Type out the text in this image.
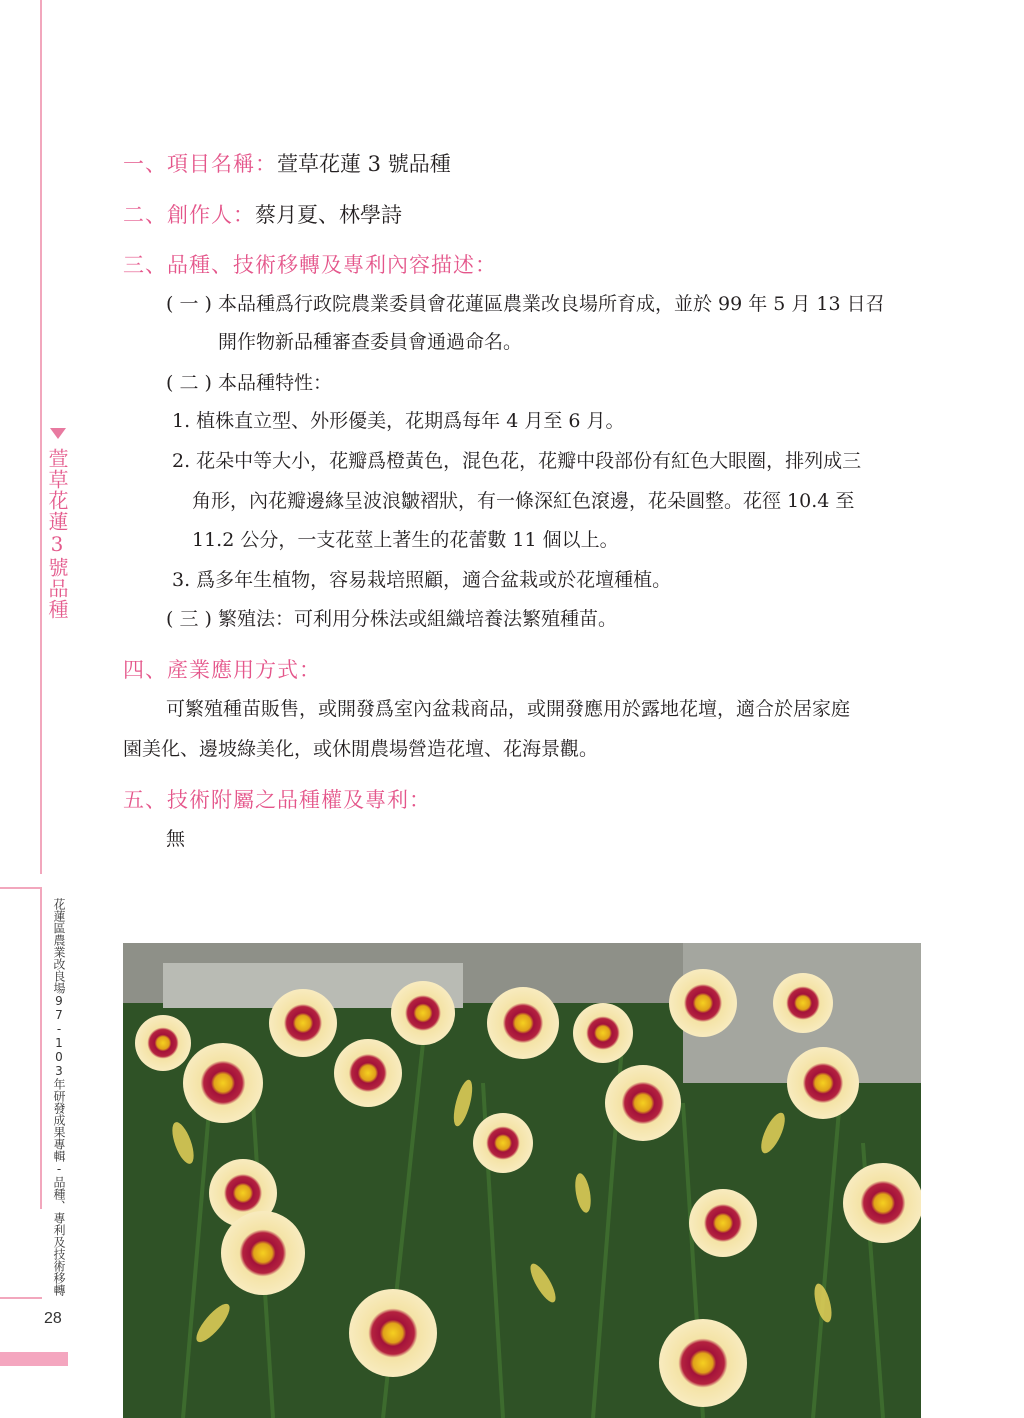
萱草花蓮3號品種
花蓮區農業改良場97-103年研發成果專輯-品種、專利及技術移轉
28
一、項目名稱：萱草花蓮 3 號品種
二、創作人：蔡月夏、林學詩
三、品種、技術移轉及專利內容描述：
( 一 ) 本品種爲行政院農業委員會花蓮區農業改良場所育成，並於 99 年 5 月 13 日召
開作物新品種審查委員會通過命名。
( 二 ) 本品種特性：
1. 植株直立型、外形優美，花期爲每年 4 月至 6 月。
2. 花朵中等大小，花瓣爲橙黃色，混色花，花瓣中段部份有紅色大眼圈，排列成三
角形，內花瓣邊緣呈波浪皺褶狀，有一條深紅色滾邊，花朵圓整。花徑 10.4 至
11.2 公分，一支花莖上著生的花蕾數 11 個以上。
3. 爲多年生植物，容易栽培照顧，適合盆栽或於花壇種植。
( 三 ) 繁殖法：可利用分株法或組織培養法繁殖種苗。
四、產業應用方式：
可繁殖種苗販售，或開發爲室內盆栽商品，或開發應用於露地花壇，適合於居家庭
園美化、邊坡綠美化，或休閒農場營造花壇、花海景觀。
五、技術附屬之品種權及專利：
無
